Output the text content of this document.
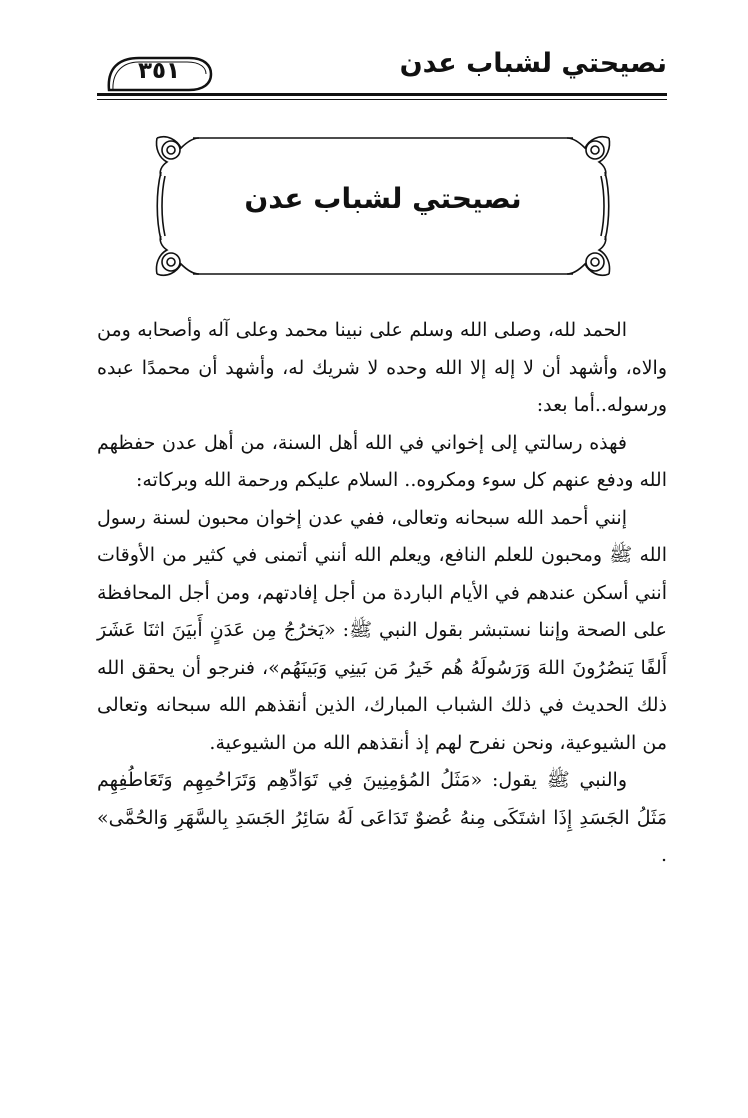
نصيحتي لشباب عدن
٣٥١
نصيحتي لشباب عدن

الحمد لله، وصلى الله وسلم على نبينا محمد وعلى آله وأصحابه ومن والاه، وأشهد أن لا إله إلا الله وحده لا شريك له، وأشهد أن محمدًا عبده ورسوله..أما بعد:

فهذه رسالتي إلى إخواني في الله أهل السنة، من أهل عدن حفظهم الله ودفع عنهم كل سوء ومكروه.. السلام عليكم ورحمة الله وبركاته:

إنني أحمد الله سبحانه وتعالى، ففي عدن إخوان محبون لسنة رسول الله ﷺ ومحبون للعلم النافع، ويعلم الله أنني أتمنى في كثير من الأوقات أنني أسكن عندهم في الأيام الباردة من أجل إفادتهم، ومن أجل المحافظة على الصحة وإننا نستبشر بقول النبي ﷺ: «يَخرُجُ مِن عَدَنٍ أَبيَنَ اثنَا عَشَرَ أَلفًا يَنصُرُونَ اللهَ وَرَسُولَهُ هُم خَيرُ مَن بَينِي وَبَينَهُم»، فنرجو أن يحقق الله ذلك الحديث في ذلك الشباب المبارك، الذين أنقذهم الله سبحانه وتعالى من الشيوعية، ونحن نفرح لهم إذ أنقذهم الله من الشيوعية.

والنبي ﷺ يقول: «مَثَلُ المُؤمِنِينَ فِي تَوَادِّهِم وَتَرَاحُمِهِم وَتَعَاطُفِهِم مَثَلُ الجَسَدِ إِذَا اشتَكَى مِنهُ عُضوٌ تَدَاعَى لَهُ سَائِرُ الجَسَدِ بِالسَّهَرِ وَالحُمَّى» .
